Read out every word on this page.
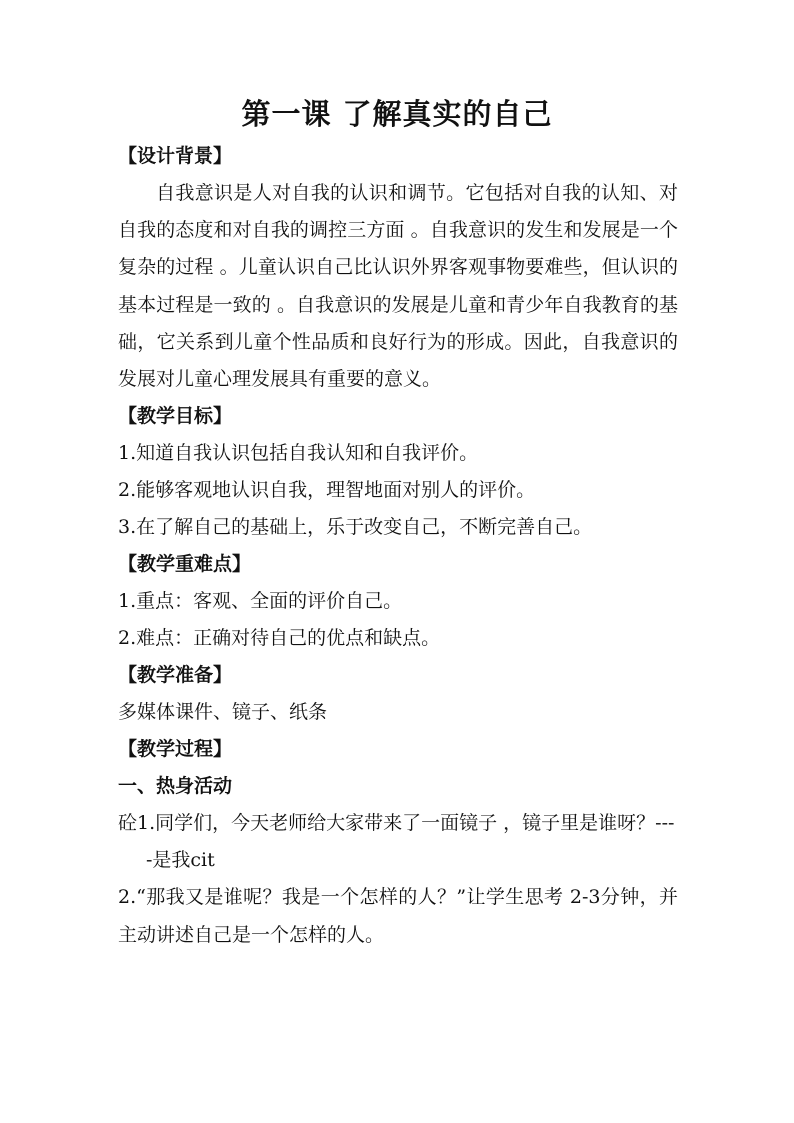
第一课 了解真实的自己

【设计背景】

自我意识是人对自我的认识和调节。它包括对自我的认知、对自我的态度和对自我的调控三方面 。自我意识的发生和发展是一个复杂的过程 。儿童认识自己比认识外界客观事物要难些，但认识的基本过程是一致的 。自我意识的发展是儿童和青少年自我教育的基础，它关系到儿童个性品质和良好行为的形成。因此，自我意识的发展对儿童心理发展具有重要的意义。

【教学目标】

1.知道自我认识包括自我认知和自我评价。

2.能够客观地认识自我，理智地面对别人的评价。

3.在了解自己的基础上，乐于改变自己，不断完善自己。

【教学重难点】

1.重点：客观、全面的评价自己。

2.难点：正确对待自己的优点和缺点。

【教学准备】

多媒体课件、镜子、纸条

【教学过程】

一、热身活动

砼1.同学们，今天老师给大家带来了一面镜子 ，镜子里是谁呀？----是我cit

2.“那我又是谁呢？我是一个怎样的人？”让学生思考 2-3分钟，并主动讲述自己是一个怎样的人。
